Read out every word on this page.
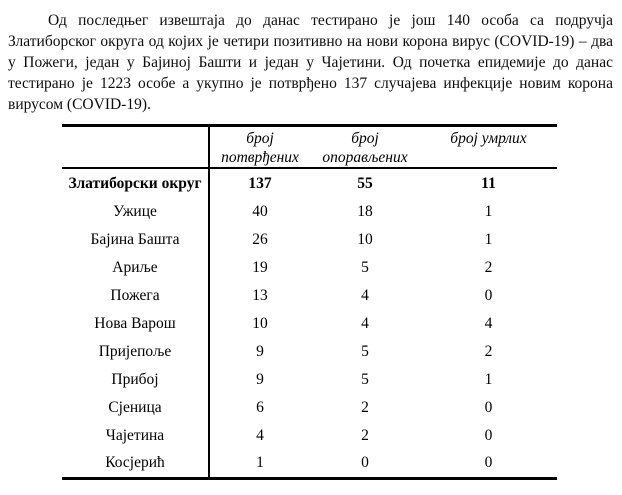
Од последњег извештаја до данас тестирано је још 140 особа са подручја Златиборског округа од којих је четири позитивно на нови корона вирус (COVID-19) – два у Пожеги, један у Бајиној Башти и један у Чајетини. Од почетка епидемије до данас тестирано је 1223 особе а укупно је потврђено 137 случајева инфекције новим корона вирусом (COVID-19).

	број потврђених	број опорављених	број умрлих
Златиборски округ	137	55	11
Ужице	40	18	1
Бајина Башта	26	10	1
Ариље	19	5	2
Пожега	13	4	0
Нова Варош	10	4	4
Пријепоље	9	5	2
Прибој	9	5	1
Сјеница	6	2	0
Чајетина	4	2	0
Косјерић	1	0	0
